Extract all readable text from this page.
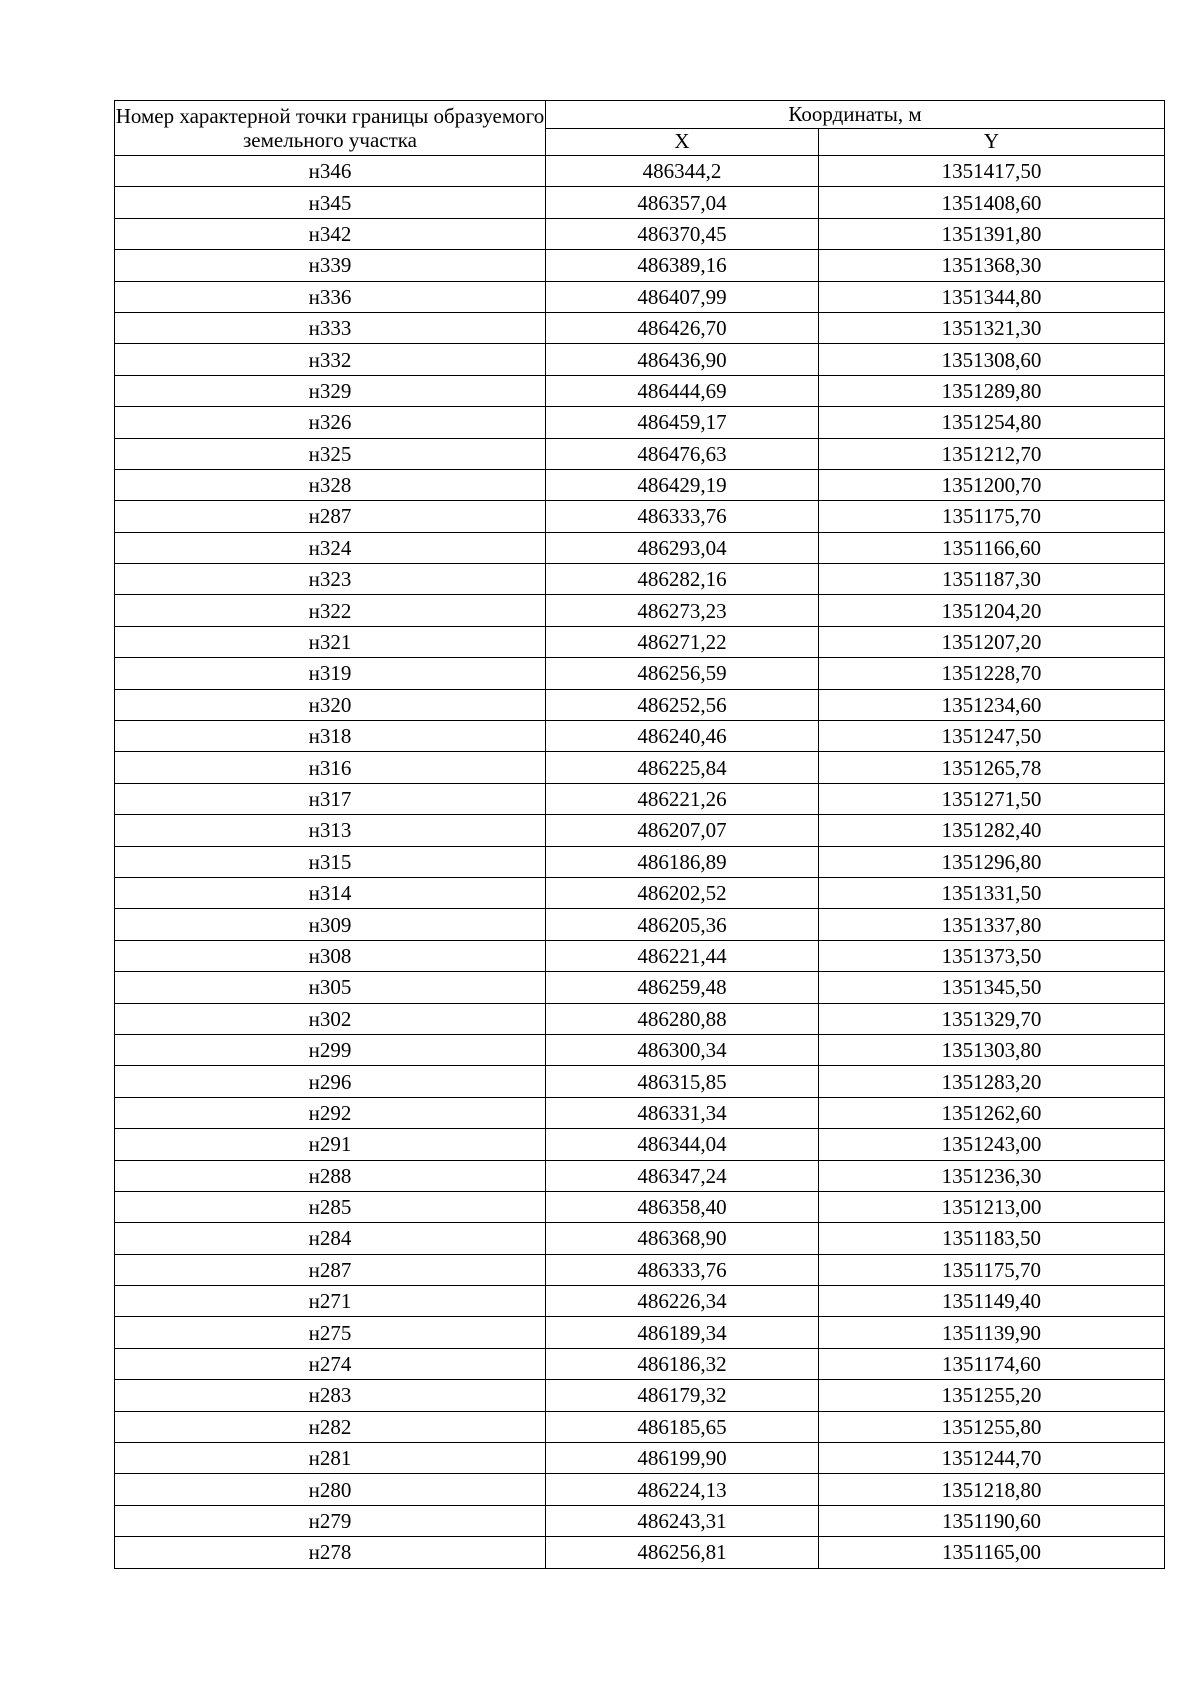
Номер характерной точки границы образуемого земельного участка	Координаты, м	
	X	Y
н346	486344,2	1351417,50
н345	486357,04	1351408,60
н342	486370,45	1351391,80
н339	486389,16	1351368,30
н336	486407,99	1351344,80
н333	486426,70	1351321,30
н332	486436,90	1351308,60
н329	486444,69	1351289,80
н326	486459,17	1351254,80
н325	486476,63	1351212,70
н328	486429,19	1351200,70
н287	486333,76	1351175,70
н324	486293,04	1351166,60
н323	486282,16	1351187,30
н322	486273,23	1351204,20
н321	486271,22	1351207,20
н319	486256,59	1351228,70
н320	486252,56	1351234,60
н318	486240,46	1351247,50
н316	486225,84	1351265,78
н317	486221,26	1351271,50
н313	486207,07	1351282,40
н315	486186,89	1351296,80
н314	486202,52	1351331,50
н309	486205,36	1351337,80
н308	486221,44	1351373,50
н305	486259,48	1351345,50
н302	486280,88	1351329,70
н299	486300,34	1351303,80
н296	486315,85	1351283,20
н292	486331,34	1351262,60
н291	486344,04	1351243,00
н288	486347,24	1351236,30
н285	486358,40	1351213,00
н284	486368,90	1351183,50
н287	486333,76	1351175,70
н271	486226,34	1351149,40
н275	486189,34	1351139,90
н274	486186,32	1351174,60
н283	486179,32	1351255,20
н282	486185,65	1351255,80
н281	486199,90	1351244,70
н280	486224,13	1351218,80
н279	486243,31	1351190,60
н278	486256,81	1351165,00
